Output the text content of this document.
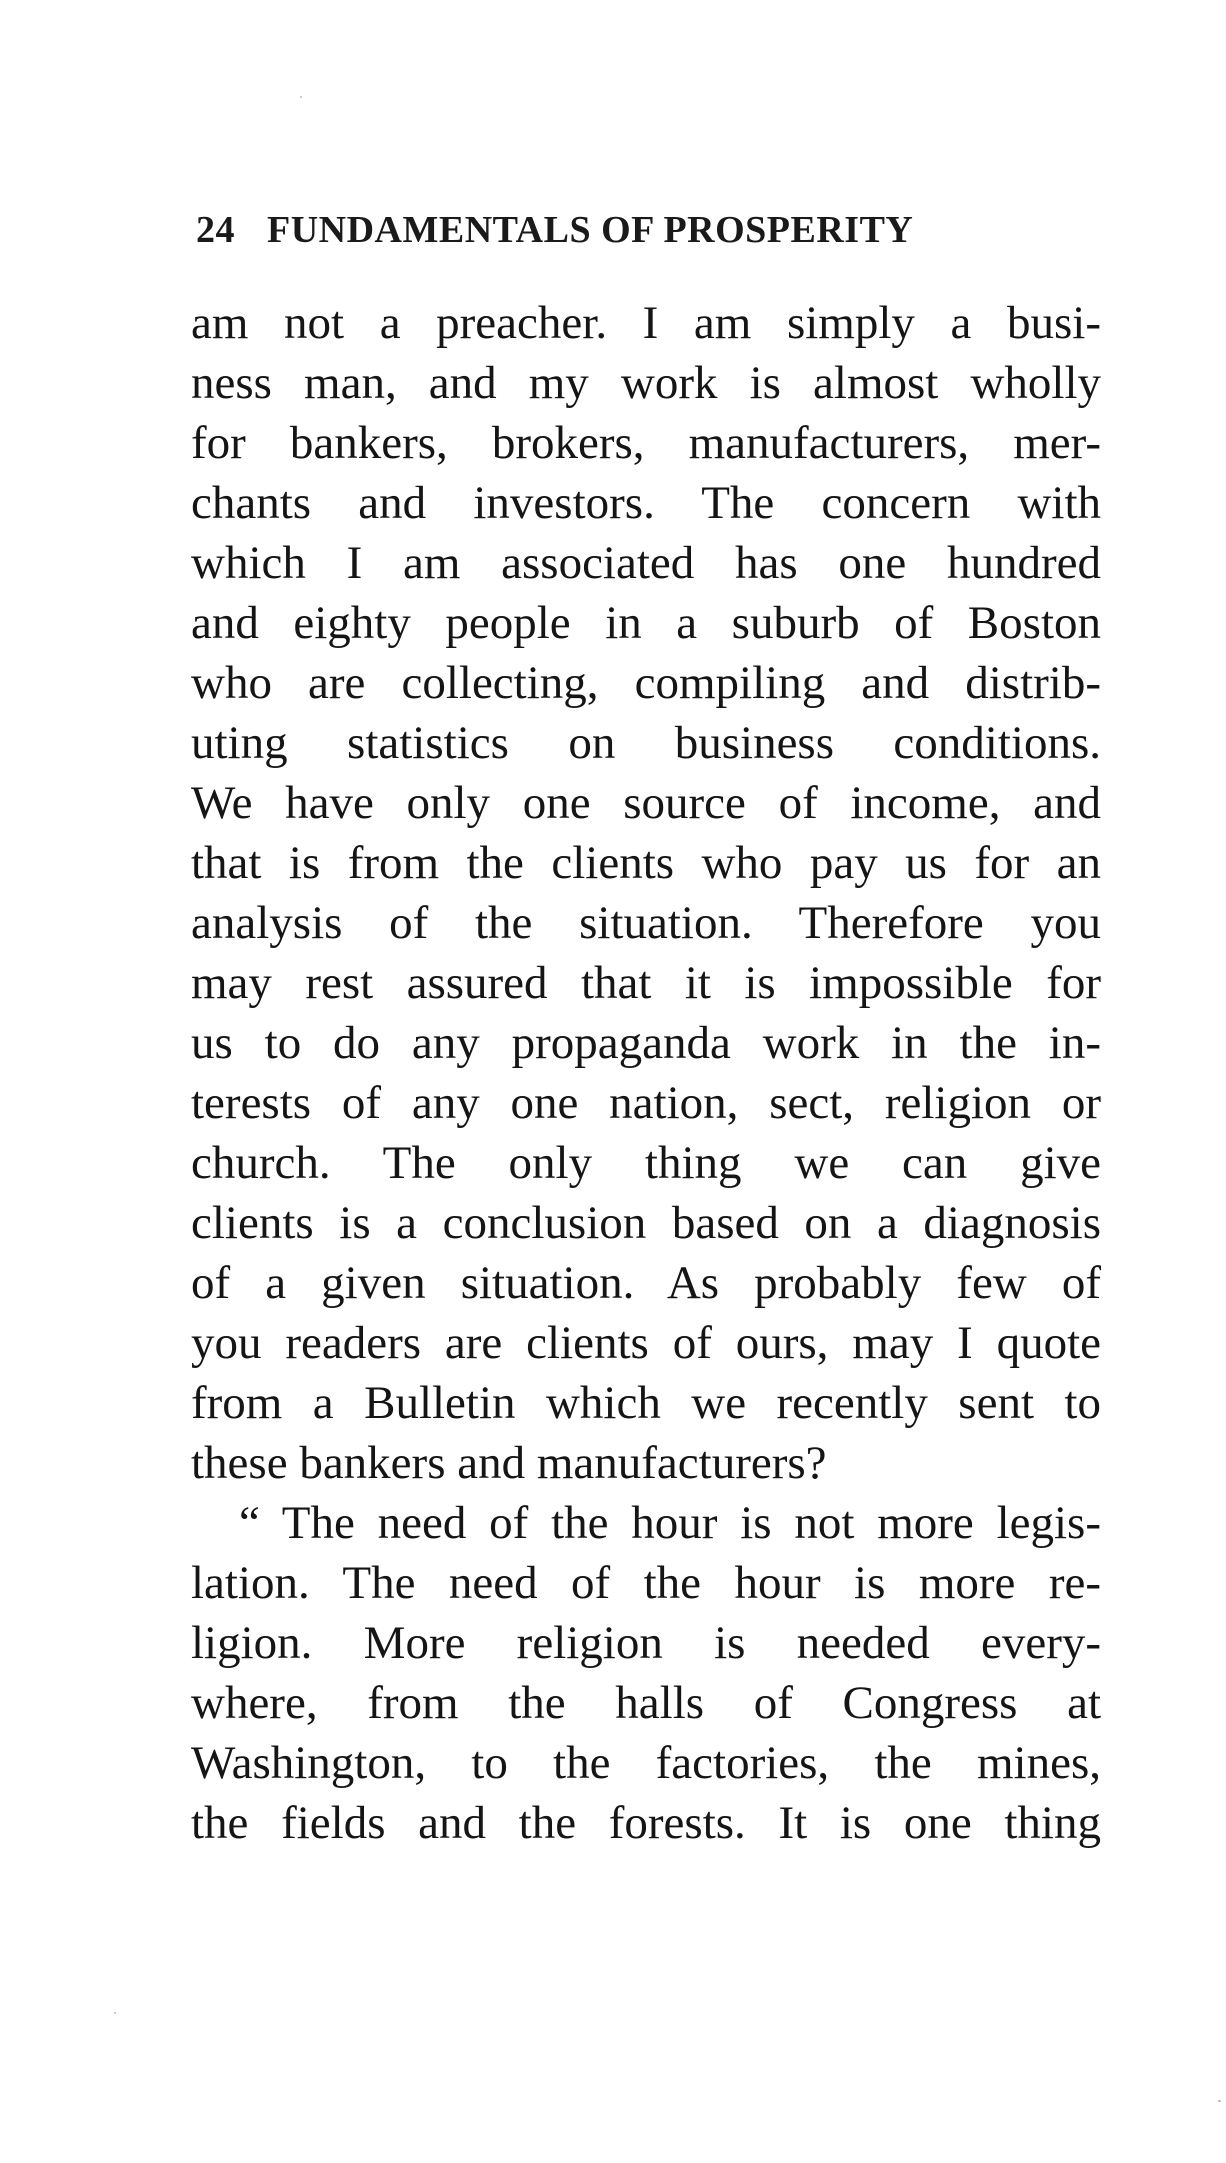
24 FUNDAMENTALS OF PROSPERITY
am not a preacher. I am simply a busi-
ness man, and my work is almost wholly
for bankers, brokers, manufacturers, mer-
chants and investors. The concern with
which I am associated has one hundred
and eighty people in a suburb of Boston
who are collecting, compiling and distrib-
uting statistics on business conditions.
We have only one source of income, and
that is from the clients who pay us for an
analysis of the situation. Therefore you
may rest assured that it is impossible for
us to do any propaganda work in the in-
terests of any one nation, sect, religion or
church. The only thing we can give
clients is a conclusion based on a diagnosis
of a given situation. As probably few of
you readers are clients of ours, may I quote
from a Bulletin which we recently sent to
these bankers and manufacturers?
“ The need of the hour is not more legis-
lation. The need of the hour is more re-
ligion. More religion is needed every-
where, from the halls of Congress at
Washington, to the factories, the mines,
the fields and the forests. It is one thing
